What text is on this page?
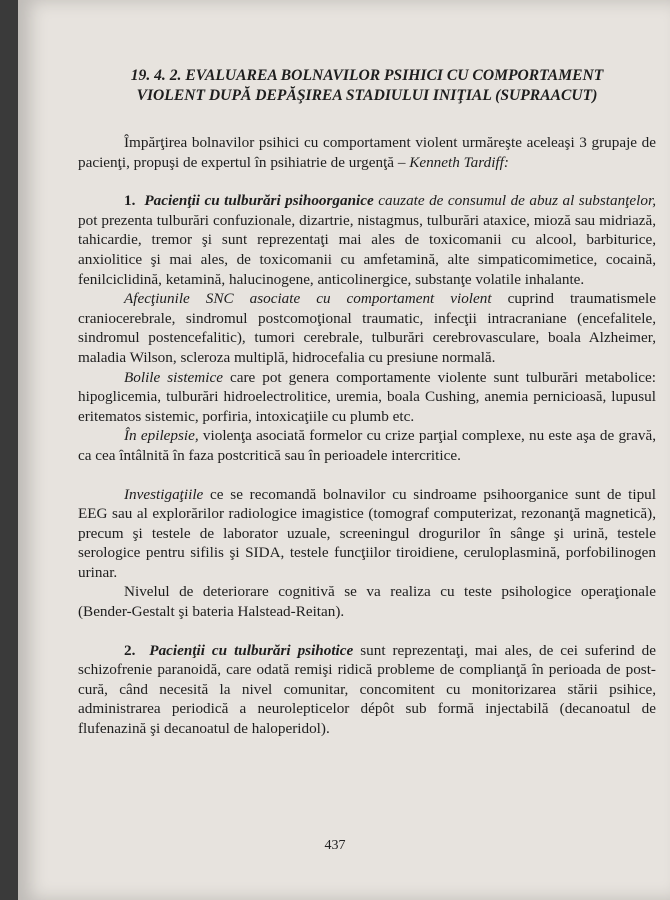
19. 4. 2. EVALUAREA BOLNAVILOR PSIHICI CU COMPORTAMENT VIOLENT DUPĂ DEPĂŞIREA STADIULUI INIŢIAL (SUPRAACUT)

Împărţirea bolnavilor psihici cu comportament violent urmăreşte aceleaşi 3 grupaje de pacienţi, propuşi de expertul în psihiatrie de urgenţă – Kenneth Tardiff:

1. Pacienţii cu tulburări psihoorganice cauzate de consumul de abuz al substanţelor, pot prezenta tulburări confuzionale, dizartrie, nistagmus, tulburări ataxice, mioză sau midriază, tahicardie, tremor şi sunt reprezentaţi mai ales de toxicomanii cu alcool, barbiturice, anxiolitice şi mai ales, de toxicomanii cu amfetamină, alte simpaticomimetice, cocaină, fenilciclidină, ketamină, halucinogene, anticolinergice, substanţe volatile inhalante.

Afecţiunile SNC asociate cu comportament violent cuprind traumatismele craniocerebrale, sindromul postcomoţional traumatic, infecţii intracraniane (encefalitele, sindromul postencefalitic), tumori cerebrale, tulburări cerebrovasculare, boala Alzheimer, maladia Wilson, scleroza multiplă, hidrocefalia cu presiune normală.

Bolile sistemice care pot genera comportamente violente sunt tulburări metabolice: hipoglicemia, tulburări hidroelectrolitice, uremia, boala Cushing, anemia pernicioasă, lupusul eritematos sistemic, porfiria, intoxicaţiile cu plumb etc.

În epilepsie, violenţa asociată formelor cu crize parţial complexe, nu este aşa de gravă, ca cea întâlnită în faza postcritică sau în perioadele intercritice.

Investigaţiile ce se recomandă bolnavilor cu sindroame psihoorganice sunt de tipul EEG sau al explorărilor radiologice imagistice (tomograf computerizat, rezonanţă magnetică), precum şi testele de laborator uzuale, screeningul drogurilor în sânge şi urină, testele serologice pentru sifilis şi SIDA, testele funcţiilor tiroidiene, ceruloplasmină, porfobilinogen urinar.

Nivelul de deteriorare cognitivă se va realiza cu teste psihologice operaţionale (Bender-Gestalt şi bateria Halstead-Reitan).

2. Pacienţii cu tulburări psihotice sunt reprezentaţi, mai ales, de cei suferind de schizofrenie paranoidă, care odată remişi ridică probleme de complianţă în perioada de post-cură, când necesită la nivel comunitar, concomitent cu monitorizarea stării psihice, administrarea periodică a neurolepticelor dépôt sub formă injectabilă (decanoatul de flufenazină şi decanoatul de haloperidol).

437
